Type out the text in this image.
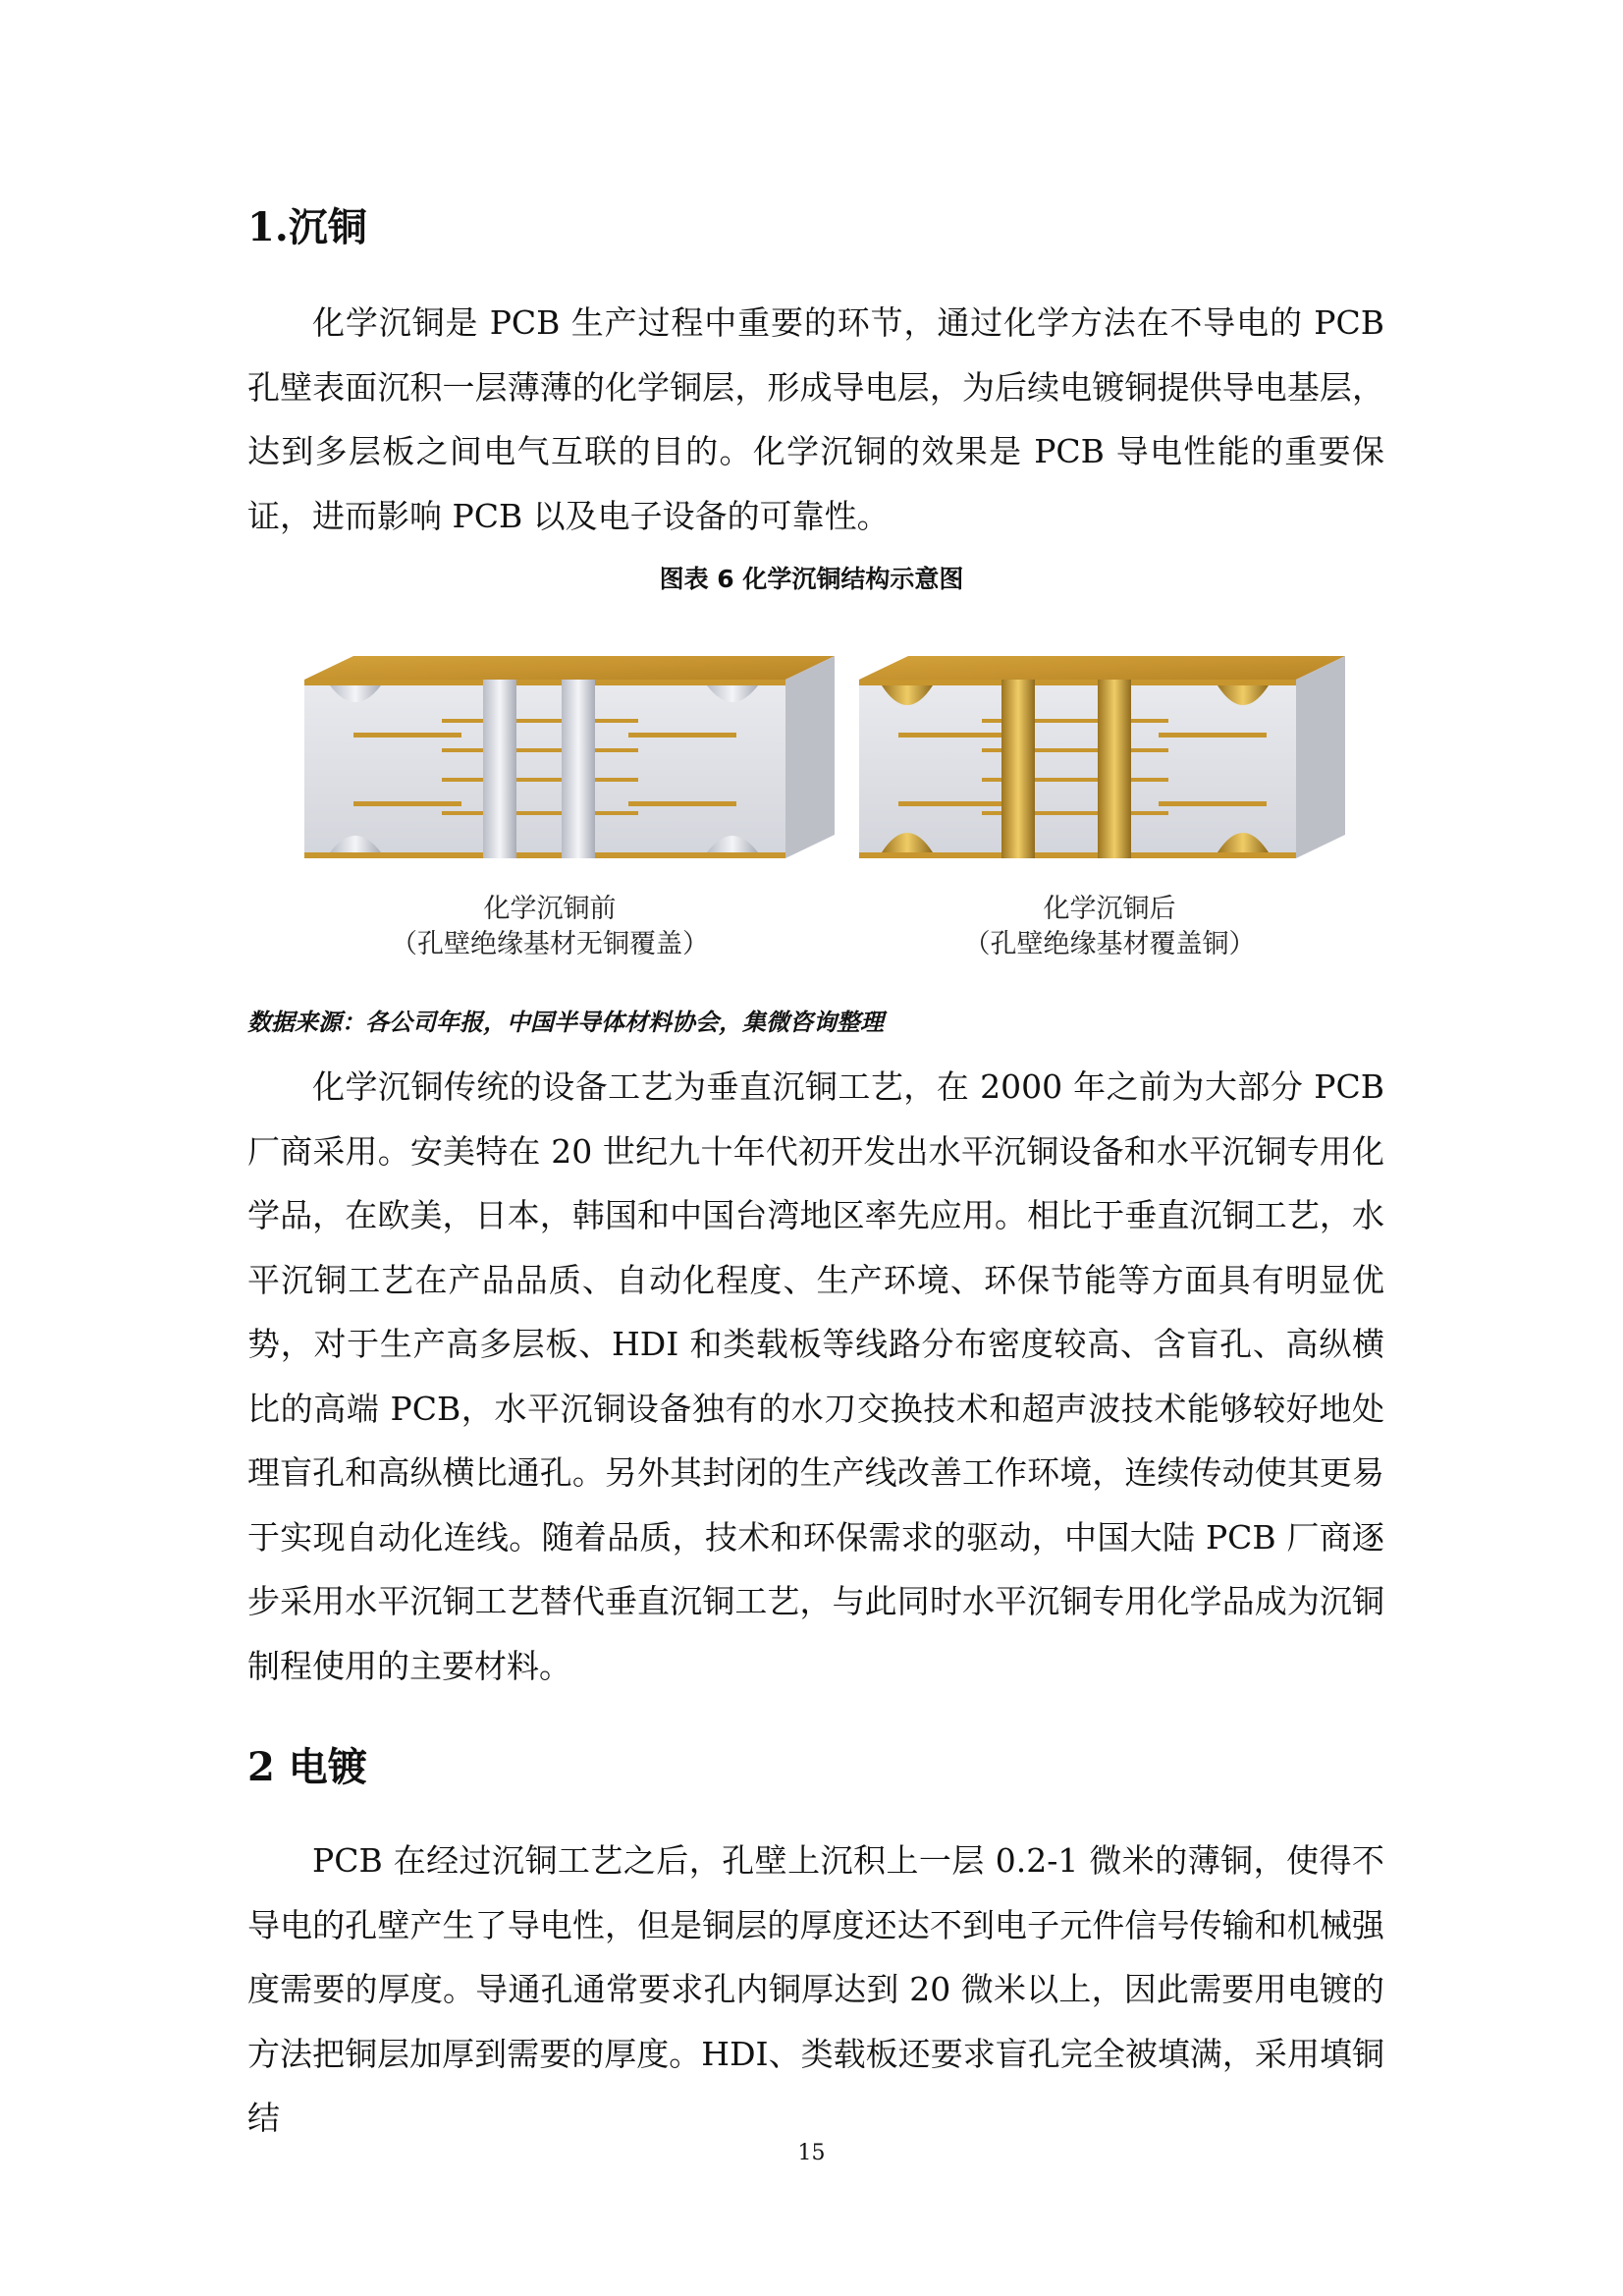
1.沉铜

化学沉铜是 PCB 生产过程中重要的环节，通过化学方法在不导电的 PCB 孔壁表面沉积一层薄薄的化学铜层，形成导电层，为后续电镀铜提供导电基层，达到多层板之间电气互联的目的。化学沉铜的效果是 PCB 导电性能的重要保证，进而影响 PCB 以及电子设备的可靠性。

图表 6 化学沉铜结构示意图

化学沉铜前
（孔壁绝缘基材无铜覆盖）
化学沉铜后
（孔壁绝缘基材覆盖铜）

数据来源：各公司年报，中国半导体材料协会，集微咨询整理

化学沉铜传统的设备工艺为垂直沉铜工艺，在 2000 年之前为大部分 PCB 厂商采用。安美特在 20 世纪九十年代初开发出水平沉铜设备和水平沉铜专用化学品，在欧美，日本，韩国和中国台湾地区率先应用。相比于垂直沉铜工艺，水平沉铜工艺在产品品质、自动化程度、生产环境、环保节能等方面具有明显优势，对于生产高多层板、HDI 和类载板等线路分布密度较高、含盲孔、高纵横比的高端 PCB，水平沉铜设备独有的水刀交换技术和超声波技术能够较好地处理盲孔和高纵横比通孔。另外其封闭的生产线改善工作环境，连续传动使其更易于实现自动化连线。随着品质，技术和环保需求的驱动，中国大陆 PCB 厂商逐步采用水平沉铜工艺替代垂直沉铜工艺，与此同时水平沉铜专用化学品成为沉铜制程使用的主要材料。

2 电镀

PCB 在经过沉铜工艺之后，孔壁上沉积上一层 0.2-1 微米的薄铜，使得不导电的孔壁产生了导电性，但是铜层的厚度还达不到电子元件信号传输和机械强度需要的厚度。导通孔通常要求孔内铜厚达到 20 微米以上，因此需要用电镀的方法把铜层加厚到需要的厚度。HDI、类载板还要求盲孔完全被填满，采用填铜结

15
